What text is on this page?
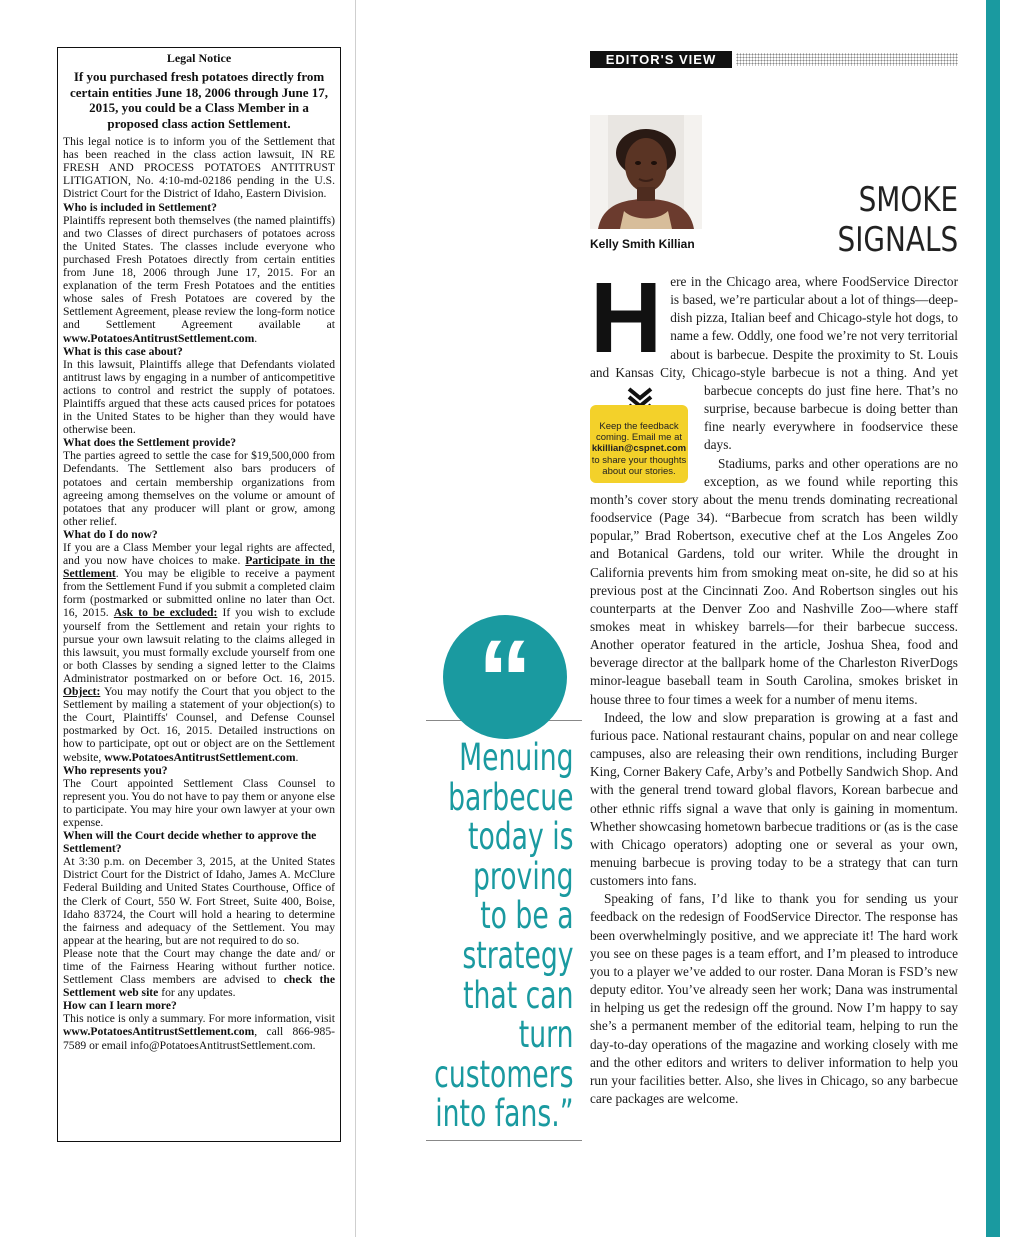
Legal Notice
If you purchased fresh potatoes directly from certain entities June 18, 2006 through June 17, 2015, you could be a Class Member in a proposed class action Settlement.

This legal notice is to inform you of the Settlement that has been reached in the class action lawsuit, IN RE FRESH AND PROCESS POTATOES ANTITRUST LITIGATION, No. 4:10-md-02186 pending in the U.S. District Court for the District of Idaho, Eastern Division.

Who is included in Settlement?

Plaintiffs represent both themselves (the named plaintiffs) and two Classes of direct purchasers of potatoes across the United States. The classes include everyone who purchased Fresh Potatoes directly from certain entities from June 18, 2006 through June 17, 2015. For an explanation of the term Fresh Potatoes and the entities whose sales of Fresh Potatoes are covered by the Settlement Agreement, please review the long-form notice and Settlement Agreement available at www.PotatoesAntitrustSettlement.com.

What is this case about?

In this lawsuit, Plaintiffs allege that Defendants violated antitrust laws by engaging in a number of anticompetitive actions to control and restrict the supply of potatoes. Plaintiffs argued that these acts caused prices for potatoes in the United States to be higher than they would have otherwise been.

What does the Settlement provide?

The parties agreed to settle the case for $19,500,000 from Defendants. The Settlement also bars producers of potatoes and certain membership organizations from agreeing among themselves on the volume or amount of potatoes that any producer will plant or grow, among other relief.

What do I do now?

If you are a Class Member your legal rights are affected, and you now have choices to make. Participate in the Settlement. You may be eligible to receive a payment from the Settlement Fund if you submit a completed claim form (postmarked or submitted online no later than Oct. 16, 2015. Ask to be excluded: If you wish to exclude yourself from the Settlement and retain your rights to pursue your own lawsuit relating to the claims alleged in this lawsuit, you must formally exclude yourself from one or both Classes by sending a signed letter to the Claims Administrator postmarked on or before Oct. 16, 2015. Object: You may notify the Court that you object to the Settlement by mailing a statement of your objection(s) to the Court, Plaintiffs' Counsel, and Defense Counsel postmarked by Oct. 16, 2015. Detailed instructions on how to participate, opt out or object are on the Settlement website, www.PotatoesAntitrustSettlement.com.

Who represents you?

The Court appointed Settlement Class Counsel to represent you. You do not have to pay them or anyone else to participate. You may hire your own lawyer at your own expense.

When will the Court decide whether to approve the Settlement?

At 3:30 p.m. on December 3, 2015, at the United States District Court for the District of Idaho, James A. McClure Federal Building and United States Courthouse, Office of the Clerk of Court, 550 W. Fort Street, Suite 400, Boise, Idaho 83724, the Court will hold a hearing to determine the fairness and adequacy of the Settlement. You may appear at the hearing, but are not required to do so.

Please note that the Court may change the date and/ or time of the Fairness Hearing without further notice. Settlement Class members are advised to check the Settlement web site for any updates.

How can I learn more?

This notice is only a summary. For more information, visit www.PotatoesAntitrustSettlement.com, call 866-985-7589 or email info@PotatoesAntitrustSettlement.com.

EDITOR'S VIEW
Kelly Smith Killian
SMOKE
SIGNALS
H
Keep the feedback coming. Email me at
kkillian@cspnet.com
to share your thoughts about our stories.

ere in the Chicago area, where FoodService Director is based, we’re particular about a lot of things—deep-dish pizza, Italian beef and Chicago-style hot dogs, to name a few. Oddly, one food we’re not very territorial about is barbecue. Despite the proximity to St. Louis and Kansas City, Chicago-style barbecue is not a thing. And yet barbecue concepts do just fine here. That’s no surprise, because barbecue is doing better than fine nearly everywhere in foodservice these days.

Stadiums, parks and other operations are no exception, as we found while reporting this month’s cover story about the menu trends dominating recreational foodservice (Page 34). “Barbecue from scratch has been wildly popular,” Brad Robertson, executive chef at the Los Angeles Zoo and Botanical Gardens, told our writer. While the drought in California prevents him from smoking meat on-site, he did so at his previous post at the Cincinnati Zoo. And Robertson singles out his counterparts at the Denver Zoo and Nashville Zoo—where staff smokes meat in whiskey barrels—for their barbecue success. Another operator featured in the article, Joshua Shea, food and beverage director at the ballpark home of the Charleston RiverDogs minor-league baseball team in South Carolina, smokes brisket in house three to four times a week for a number of menu items.

Indeed, the low and slow preparation is growing at a fast and furious pace. National restaurant chains, popular on and near college campuses, also are releasing their own renditions, including Burger King, Corner Bakery Cafe, Arby’s and Potbelly Sandwich Shop. And with the general trend toward global flavors, Korean barbecue and other ethnic riffs signal a wave that only is gaining in momentum. Whether showcasing hometown barbecue traditions or (as is the case with Chicago operators) adopting one or several as your own, menuing barbecue is proving today to be a strategy that can turn customers into fans.

Speaking of fans, I’d like to thank you for sending us your feedback on the redesign of FoodService Director. The response has been overwhelmingly positive, and we appreciate it! The hard work you see on these pages is a team effort, and I’m pleased to introduce you to a player we’ve added to our roster. Dana Moran is FSD’s new deputy editor. You’ve already seen her work; Dana was instrumental in helping us get the redesign off the ground. Now I’m happy to say she’s a permanent member of the editorial team, helping to run the day-to-day operations of the magazine and working closely with me and the other editors and writers to deliver information to help you run your facilities better. Also, she lives in Chicago, so any barbecue care packages are welcome.

“
Menuing
barbecue
today is
proving
to be a
strategy
that can
turn
customers
into fans.”
